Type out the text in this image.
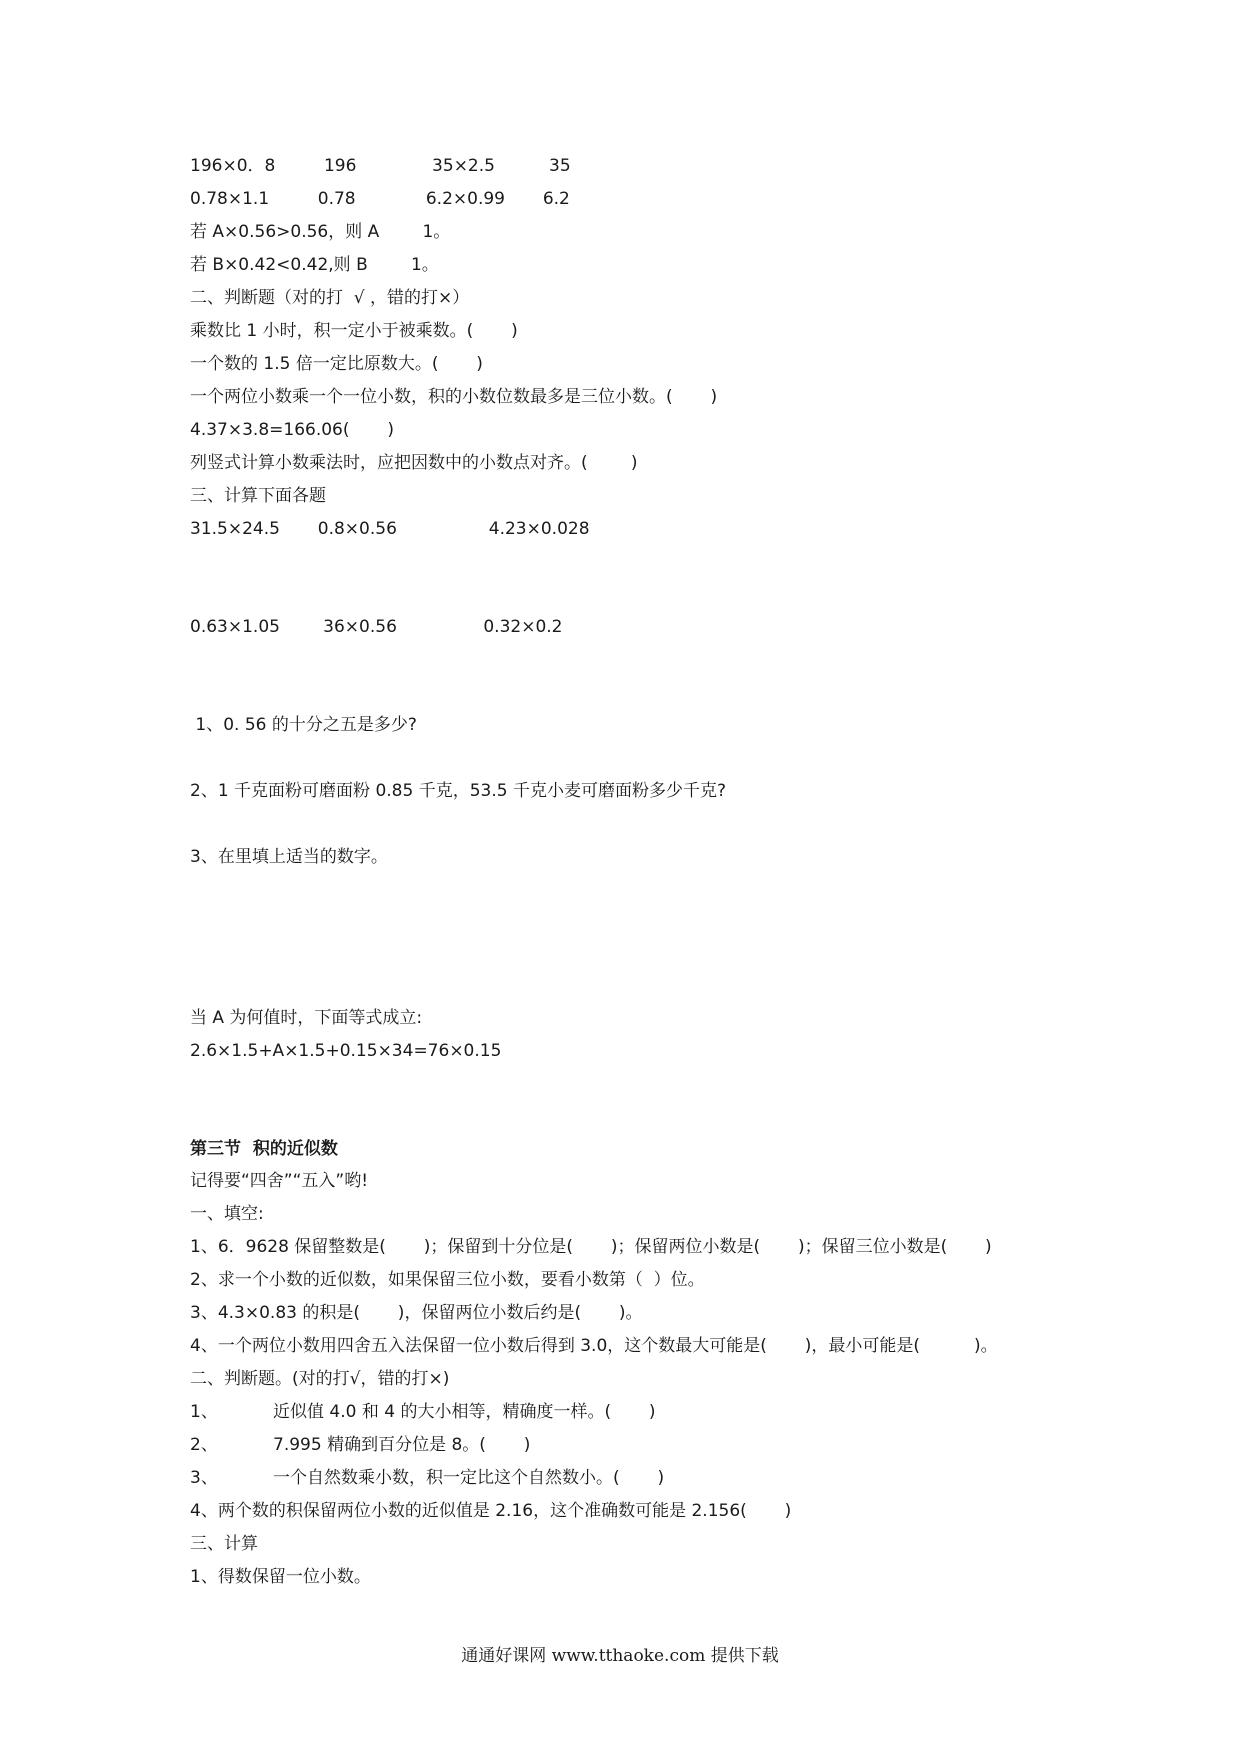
196×0．8         196              35×2.5          35
0.78×1.1         0.78             6.2×0.99       6.2
若 A×0.56>0.56，则 A        1。
若 B×0.42<0.42,则 B        1。
二、判断题（对的打  √ ，错的打×）
乘数比 1 小时，积一定小于被乘数。(       )
一个数的 1.5 倍一定比原数大。(       )
一个两位小数乘一个一位小数，积的小数位数最多是三位小数。(       )
4.37×3.8=166.06(       )
列竖式计算小数乘法时，应把因数中的小数点对齐。(        )
三、计算下面各题
31.5×24.5       0.8×0.56                 4.23×0.028
0.63×1.05        36×0.56                0.32×0.2
1、0. 56 的十分之五是多少?
2、1 千克面粉可磨面粉 0.85 千克，53.5 千克小麦可磨面粉多少千克?
3、在里填上适当的数字。
当 A 为何值时，下面等式成立:
2.6×1.5+A×1.5+0.15×34=76×0.15
第三节  积的近似数
记得要“四舍”“五入”哟!
一、填空:
1、6．9628 保留整数是(       )；保留到十分位是(       )；保留两位小数是(       )；保留三位小数是(       )
2、求一个小数的近似数，如果保留三位小数，要看小数第（  ）位。
3、4.3×0.83 的积是(       )，保留两位小数后约是(       )。
4、一个两位小数用四舍五入法保留一位小数后得到 3.0，这个数最大可能是(       )，最小可能是(          )。
二、判断题。(对的打√，错的打×)
1、	近似值 4.0 和 4 的大小相等，精确度一样。(       )
2、	7.995 精确到百分位是 8。(       )
3、	一个自然数乘小数，积一定比这个自然数小。(       )
4、两个数的积保留两位小数的近似值是 2.16，这个准确数可能是 2.156(       )
三、计算
1、得数保留一位小数。
通通好课网 www.tthaoke.com 提供下载
